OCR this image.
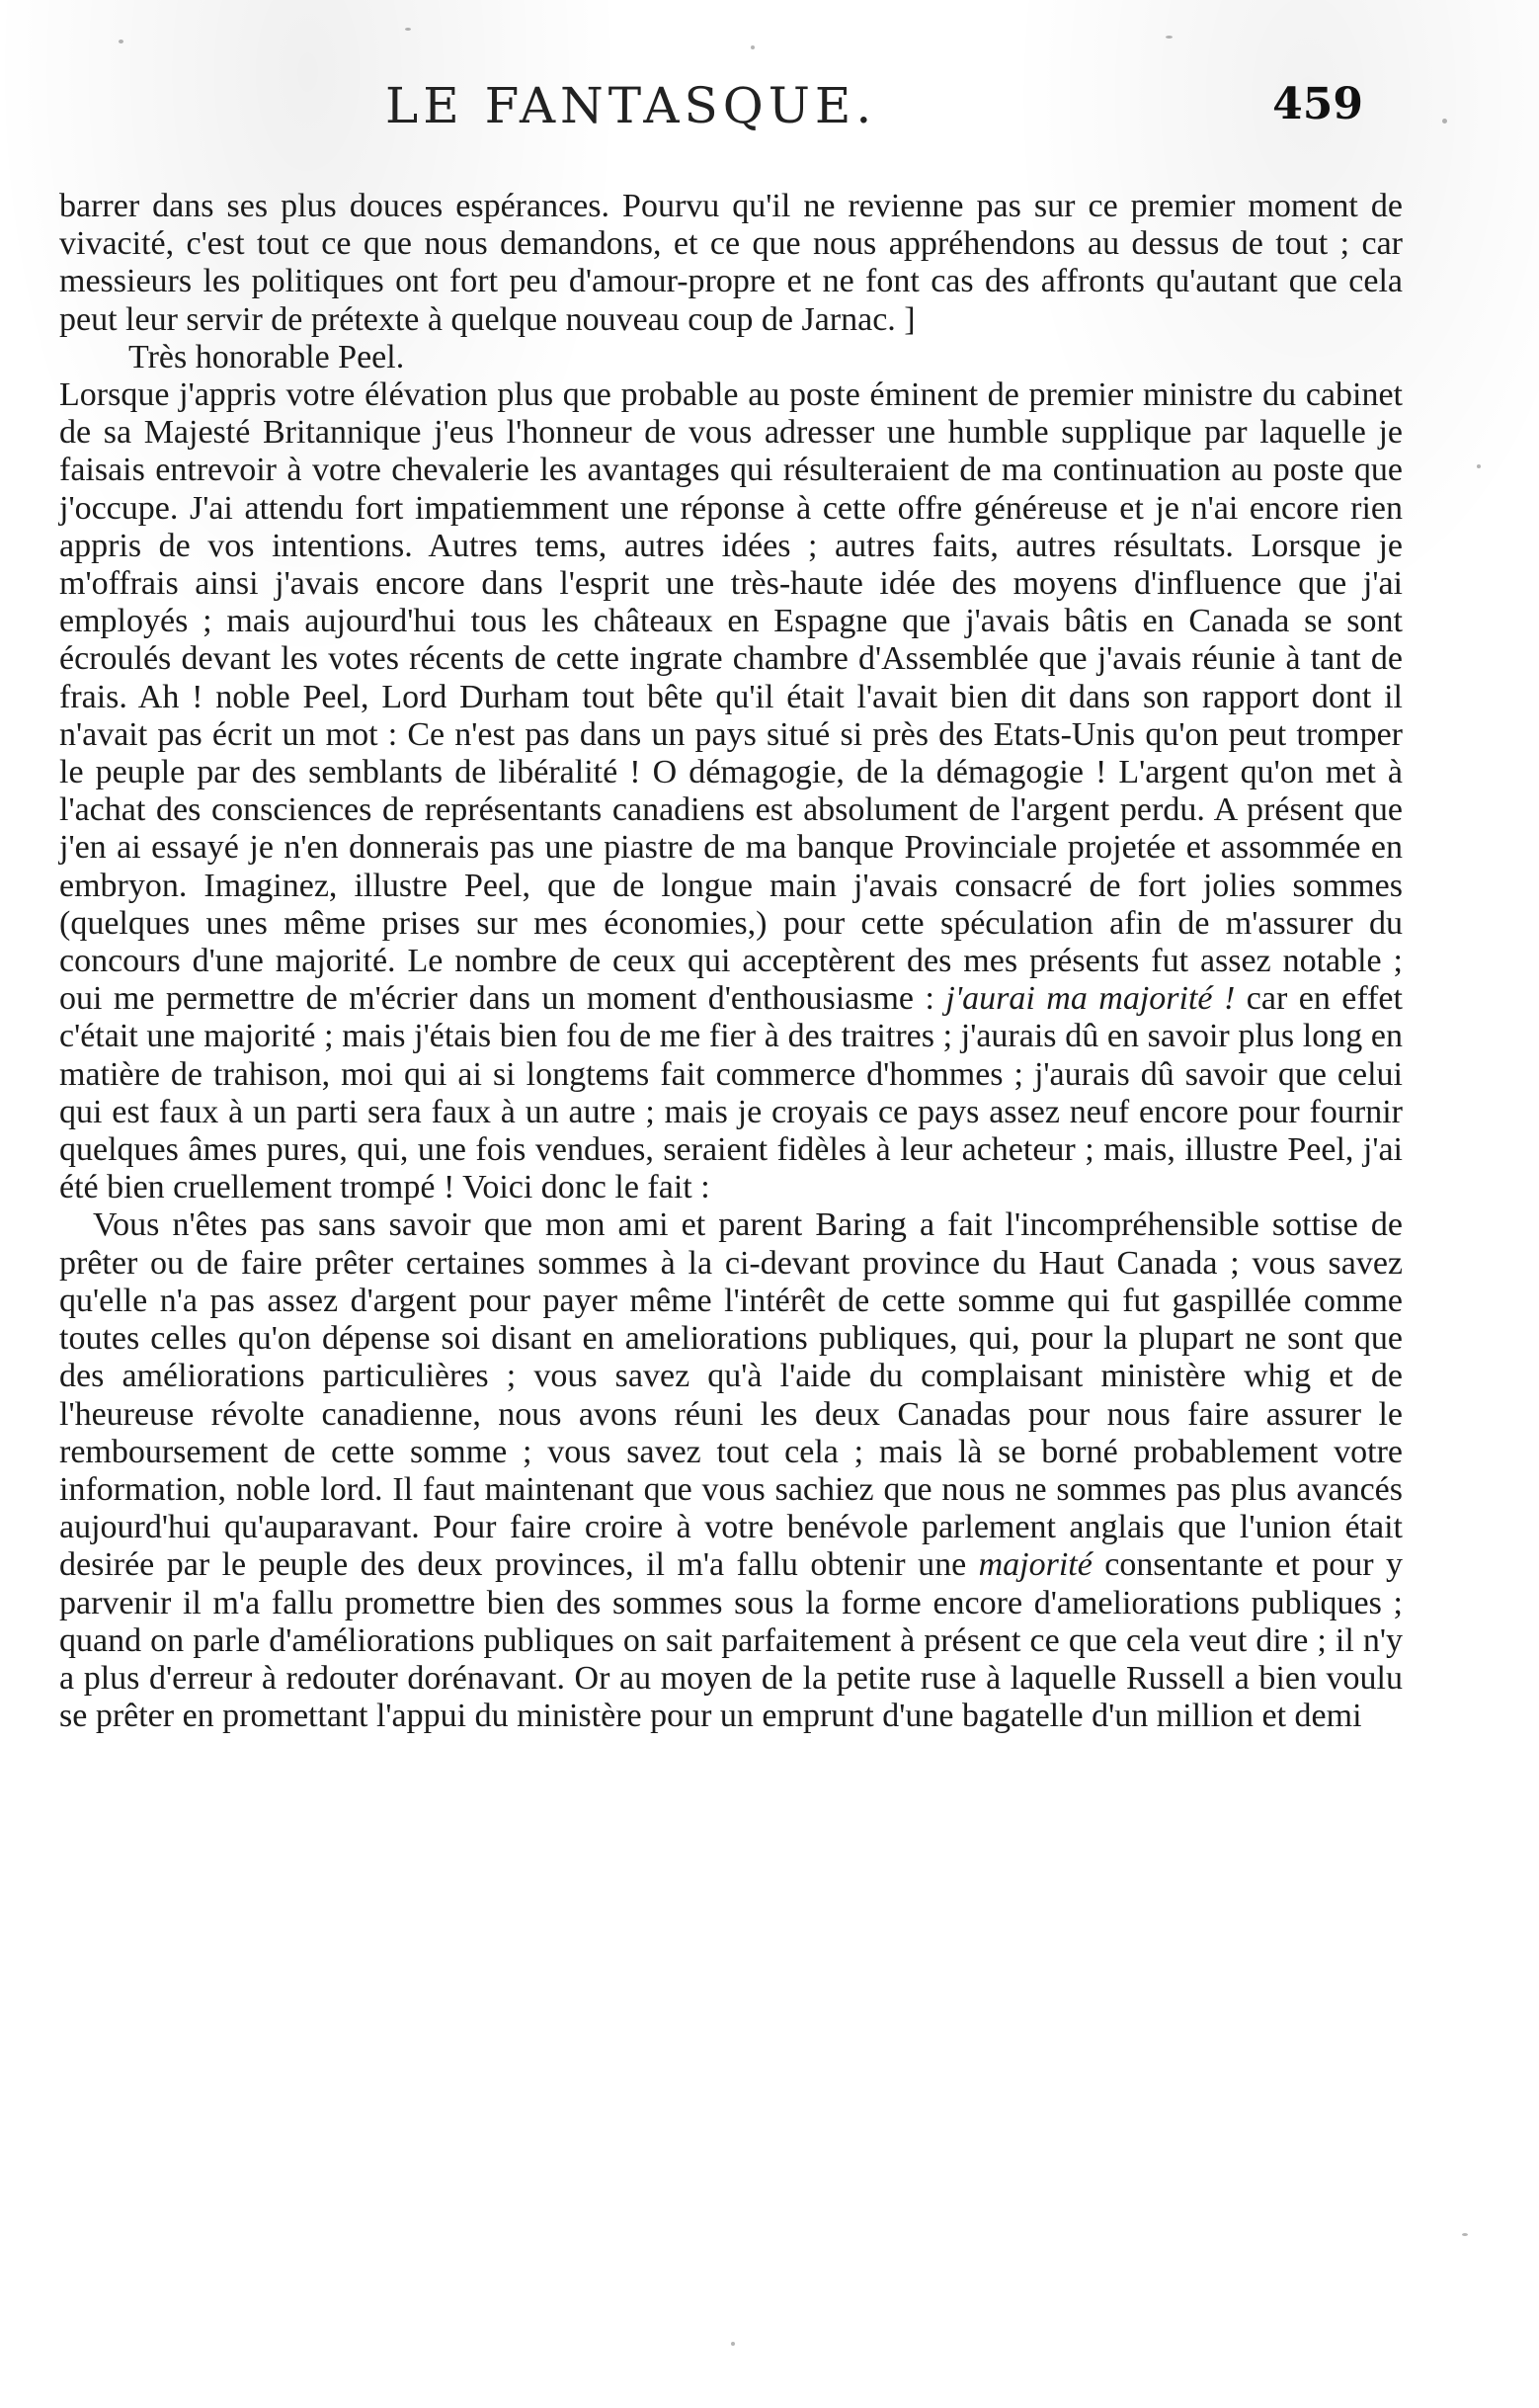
LE FANTASQUE.	459

barrer dans ses plus douces espérances. Pourvu qu'il ne revienne pas sur ce premier moment de vivacité, c'est tout ce que nous demandons, et ce que nous appréhendons au dessus de tout ; car messieurs les politiques ont fort peu d'amour-propre et ne font cas des affronts qu'autant que cela peut leur servir de prétexte à quelque nouveau coup de Jarnac. ]

Très honorable Peel.

Lorsque j'appris votre élévation plus que probable au poste éminent de premier ministre du cabinet de sa Majesté Britannique j'eus l'honneur de vous adresser une humble supplique par laquelle je faisais entrevoir à votre chevalerie les avantages qui résulteraient de ma continuation au poste que j'occupe. J'ai attendu fort impatiemment une réponse à cette offre généreuse et je n'ai encore rien appris de vos intentions. Autres tems, autres idées ; autres faits, autres résultats. Lorsque je m'offrais ainsi j'avais encore dans l'esprit une très-haute idée des moyens d'influence que j'ai employés ; mais aujourd'hui tous les châteaux en Espagne que j'avais bâtis en Canada se sont écroulés devant les votes récents de cette ingrate chambre d'Assemblée que j'avais réunie à tant de frais. Ah ! noble Peel, Lord Durham tout bête qu'il était l'avait bien dit dans son rapport dont il n'avait pas écrit un mot : Ce n'est pas dans un pays situé si près des Etats-Unis qu'on peut tromper le peuple par des semblants de libéralité ! O démagogie, de la démagogie ! L'argent qu'on met à l'achat des consciences de représentants canadiens est absolument de l'argent perdu. A présent que j'en ai essayé je n'en donnerais pas une piastre de ma banque Provinciale projetée et assommée en embryon. Imaginez, illustre Peel, que de longue main j'avais consacré de fort jolies sommes (quelques unes même prises sur mes économies,) pour cette spéculation afin de m'assurer du concours d'une majorité. Le nombre de ceux qui acceptèrent des mes présents fut assez notable ; oui me permettre de m'écrier dans un moment d'enthousiasme : j'aurai ma majorité ! car en effet c'était une majorité ; mais j'étais bien fou de me fier à des traitres ; j'aurais dû en savoir plus long en matière de trahison, moi qui ai si longtems fait commerce d'hommes ; j'aurais dû savoir que celui qui est faux à un parti sera faux à un autre ; mais je croyais ce pays assez neuf encore pour fournir quelques âmes pures, qui, une fois vendues, seraient fidèles à leur acheteur ; mais, illustre Peel, j'ai été bien cruellement trompé ! Voici donc le fait :

Vous n'êtes pas sans savoir que mon ami et parent Baring a fait l'incompréhensible sottise de prêter ou de faire prêter certaines sommes à la ci-devant province du Haut Canada ; vous savez qu'elle n'a pas assez d'argent pour payer même l'intérêt de cette somme qui fut gaspillée comme toutes celles qu'on dépense soi disant en ameliorations publiques, qui, pour la plupart ne sont que des améliorations particulières ; vous savez qu'à l'aide du complaisant ministère whig et de l'heureuse révolte canadienne, nous avons réuni les deux Canadas pour nous faire assurer le remboursement de cette somme ; vous savez tout cela ; mais là se borné probablement votre information, noble lord. Il faut maintenant que vous sachiez que nous ne sommes pas plus avancés aujourd'hui qu'auparavant. Pour faire croire à votre benévole parlement anglais que l'union était desirée par le peuple des deux provinces, il m'a fallu obtenir une majorité consentante et pour y parvenir il m'a fallu promettre bien des sommes sous la forme encore d'ameliorations publiques ; quand on parle d'améliorations publiques on sait parfaitement à présent ce que cela veut dire ; il n'y a plus d'erreur à redouter dorénavant. Or au moyen de la petite ruse à laquelle Russell a bien voulu se prêter en promettant l'appui du ministère pour un emprunt d'une bagatelle d'un million et demi
